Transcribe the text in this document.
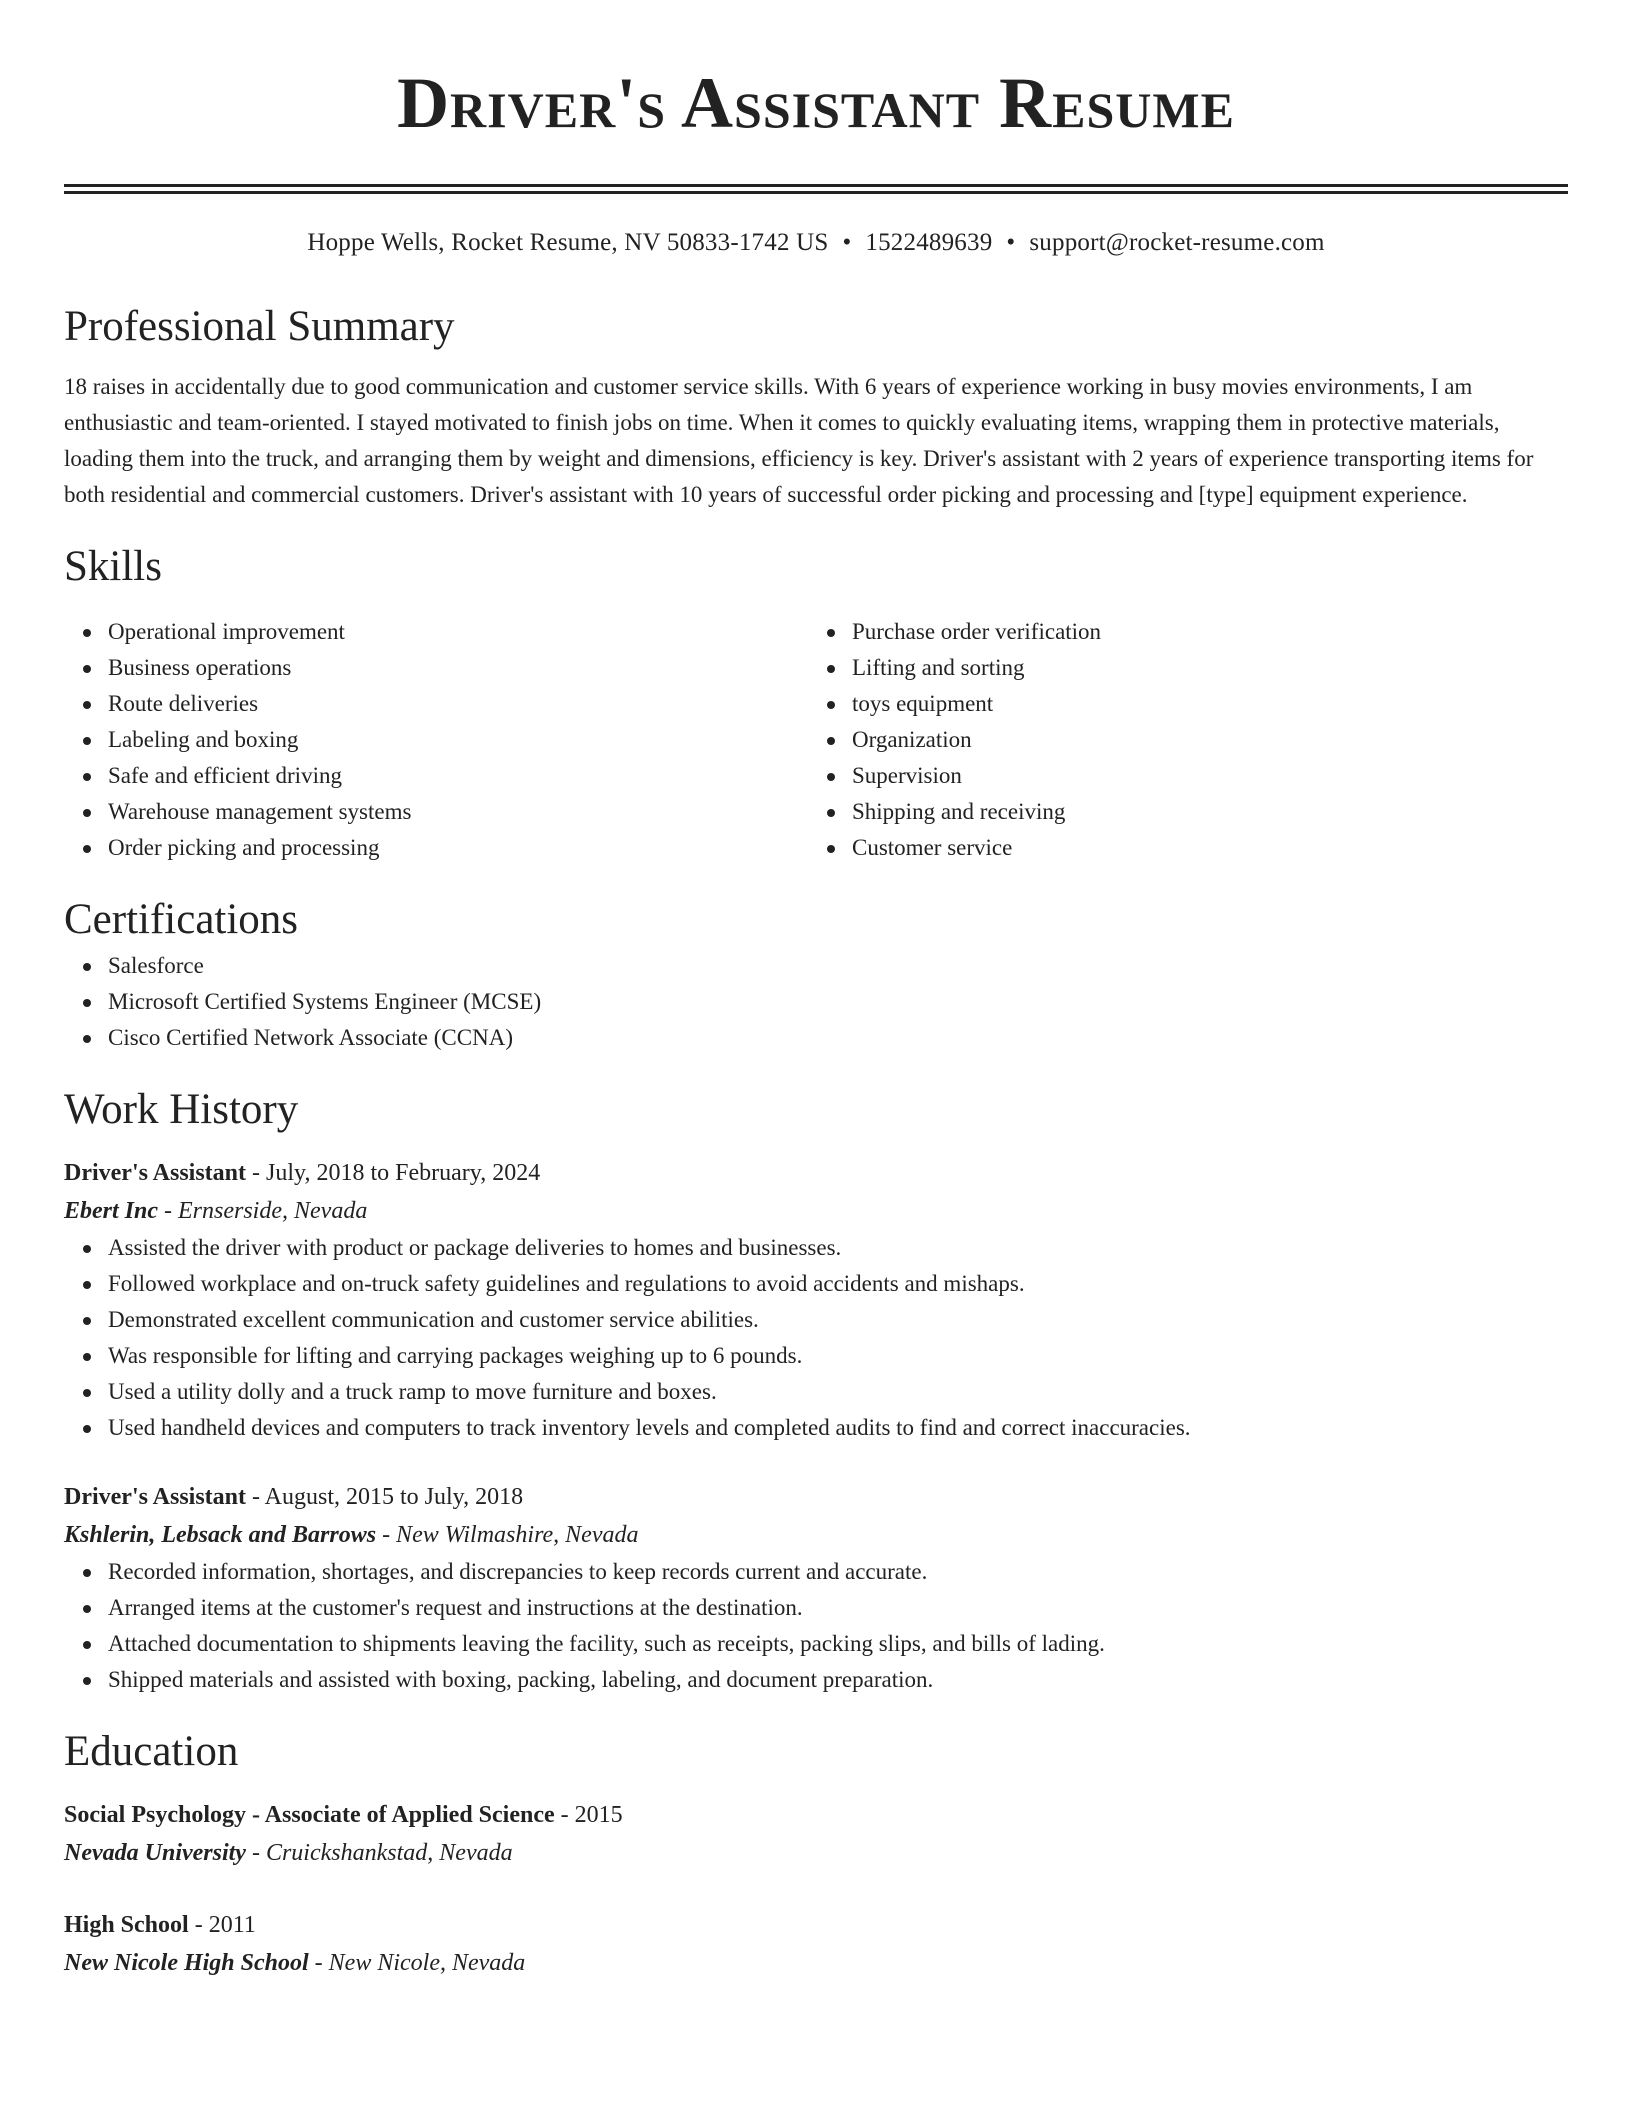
Driver's Assistant Resume
Hoppe Wells, Rocket Resume, NV 50833-1742 US • 1522489639 • support@rocket-resume.com
Professional Summary

18 raises in accidentally due to good communication and customer service skills. With 6 years of experience working in busy movies environments, I am enthusiastic and team-oriented. I stayed motivated to finish jobs on time. When it comes to quickly evaluating items, wrapping them in protective materials, loading them into the truck, and arranging them by weight and dimensions, efficiency is key. Driver's assistant with 2 years of experience transporting items for both residential and commercial customers. Driver's assistant with 10 years of successful order picking and processing and [type] equipment experience.

Skills
Operational improvement
Business operations
Route deliveries
Labeling and boxing
Safe and efficient driving
Warehouse management systems
Order picking and processing
Purchase order verification
Lifting and sorting
toys equipment
Organization
Supervision
Shipping and receiving
Customer service
Certifications
Salesforce
Microsoft Certified Systems Engineer (MCSE)
Cisco Certified Network Associate (CCNA)
Work History
Driver's Assistant - July, 2018 to February, 2024
Ebert Inc - Ernserside, Nevada
Assisted the driver with product or package deliveries to homes and businesses.
Followed workplace and on-truck safety guidelines and regulations to avoid accidents and mishaps.
Demonstrated excellent communication and customer service abilities.
Was responsible for lifting and carrying packages weighing up to 6 pounds.
Used a utility dolly and a truck ramp to move furniture and boxes.
Used handheld devices and computers to track inventory levels and completed audits to find and correct inaccuracies.
Driver's Assistant - August, 2015 to July, 2018
Kshlerin, Lebsack and Barrows - New Wilmashire, Nevada
Recorded information, shortages, and discrepancies to keep records current and accurate.
Arranged items at the customer's request and instructions at the destination.
Attached documentation to shipments leaving the facility, such as receipts, packing slips, and bills of lading.
Shipped materials and assisted with boxing, packing, labeling, and document preparation.
Education
Social Psychology - Associate of Applied Science - 2015
Nevada University - Cruickshankstad, Nevada
High School - 2011
New Nicole High School - New Nicole, Nevada
